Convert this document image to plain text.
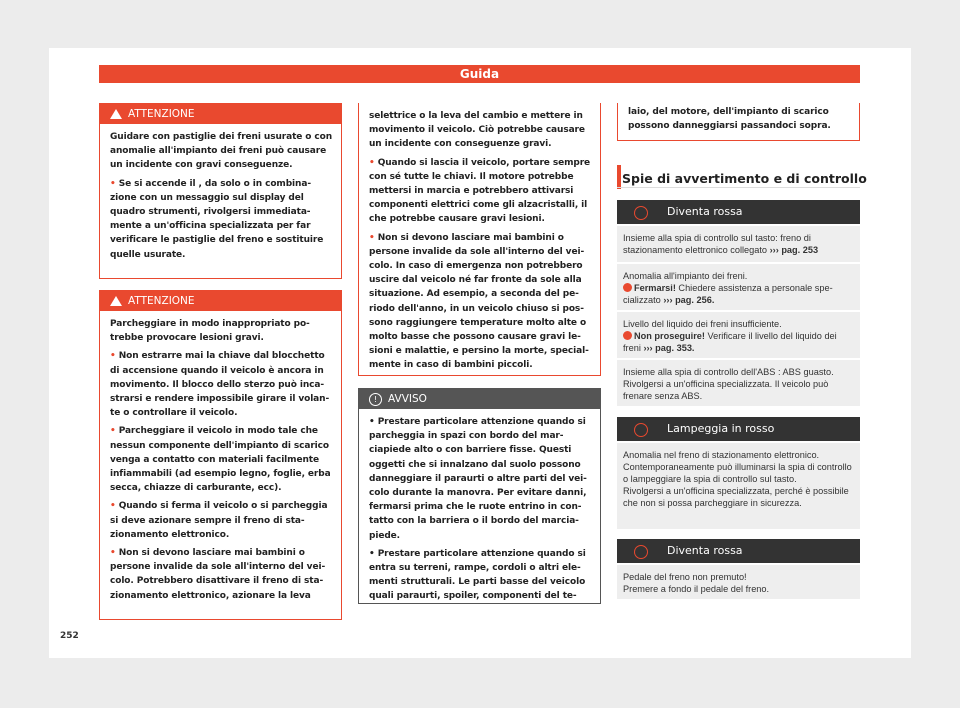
Guida
ATTENZIONE

Guidare con pastiglie dei freni usurate o con anomalie all'impianto dei freni può causare un incidente con gravi conseguenze.

• Se si accende il , da solo o in combinazione con un messaggio sul display del quadro strumenti, rivolgersi immediatamente a un'officina specializzata per far verificare le pastiglie del freno e sostituire quelle usurate.

ATTENZIONE

Parcheggiare in modo inappropriato potrebbe provocare lesioni gravi.

• Non estrarre mai la chiave dal blocchetto di accensione quando il veicolo è ancora in movimento. Il blocco dello sterzo può incastrarsi e rendere impossibile girare il volante o controllare il veicolo.

• Parcheggiare il veicolo in modo tale che nessun componente dell'impianto di scarico venga a contatto con materiali facilmente infiammabili (ad esempio legno, foglie, erba secca, chiazze di carburante, ecc).

• Quando si ferma il veicolo o si parcheggia si deve azionare sempre il freno di stazionamento elettronico.

• Non si devono lasciare mai bambini o persone invalide da sole all'interno del veicolo. Potrebbero disattivare il freno di stazionamento elettronico, azionare la leva

selettrice o la leva del cambio e mettere in movimento il veicolo. Ciò potrebbe causare un incidente con conseguenze gravi.

• Quando si lascia il veicolo, portare sempre con sé tutte le chiavi. Il motore potrebbe mettersi in marcia e potrebbero attivarsi componenti elettrici come gli alzacristalli, il che potrebbe causare gravi lesioni.

• Non si devono lasciare mai bambini o persone invalide da sole all'interno del veicolo. In caso di emergenza non potrebbero uscire dal veicolo né far fronte da sole alla situazione. Ad esempio, a seconda del periodo dell'anno, in un veicolo chiuso si possono raggiungere temperature molto alte o molto basse che possono causare gravi lesioni e malattie, e persino la morte, specialmente in caso di bambini piccoli.

!	AVVISO

• Prestare particolare attenzione quando si parcheggia in spazi con bordo del marciapiede alto o con barriere fisse. Questi oggetti che si innalzano dal suolo possono danneggiare il paraurti o altre parti del veicolo durante la manovra. Per evitare danni, fermarsi prima che le ruote entrino in contatto con la barriera o il bordo del marciapiede.

• Prestare particolare attenzione quando si entra su terreni, rampe, cordoli o altri elementi strutturali. Le parti basse del veicolo quali paraurti, spoiler, componenti del te-

laio, del motore, dell'impianto di scarico possono danneggiarsi passandoci sopra.

Spie di avvertimento e di controllo
Diventa rossa
Insieme alla spia di controllo sul tasto: freno di stazionamento elettronico collegato ››› pag. 253
Anomalia all'impianto dei freni.
Fermarsi! Chiedere assistenza a personale specializzato ››› pag. 256.
Livello del liquido dei freni insufficiente.
Non proseguire! Verificare il livello del liquido dei freni ››› pag. 353.
Insieme alla spia di controllo dell'ABS : ABS guasto. Rivolgersi a un'officina specializzata. Il veicolo può frenare senza ABS.
Lampeggia in rosso
Anomalia nel freno di stazionamento elettronico. Contemporaneamente può illuminarsi la spia di controllo o lampeggiare la spia di controllo sul tasto.
Rivolgersi a un'officina specializzata, perché è possibile che non si possa parcheggiare in sicurezza.
Diventa rossa
Pedale del freno non premuto!
Premere a fondo il pedale del freno.
252
